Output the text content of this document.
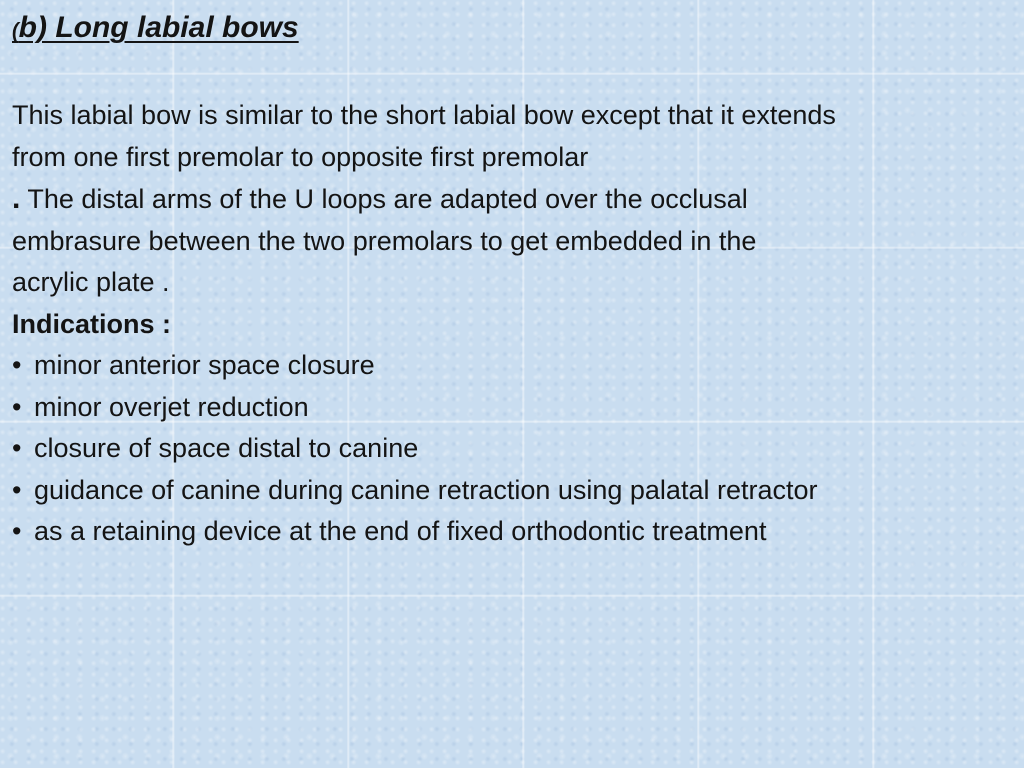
(b) Long labial bows

This labial bow is similar to the short labial bow except that it extends

from one first premolar to opposite first premolar

. The distal arms of the U loops are adapted over the occlusal

embrasure between the two premolars to get embedded in the

acrylic plate .

Indications :

• minor anterior space closure
• minor overjet reduction
• closure of space distal to canine
• guidance of canine during canine retraction using palatal retractor
• as a retaining device at the end of fixed orthodontic treatment
